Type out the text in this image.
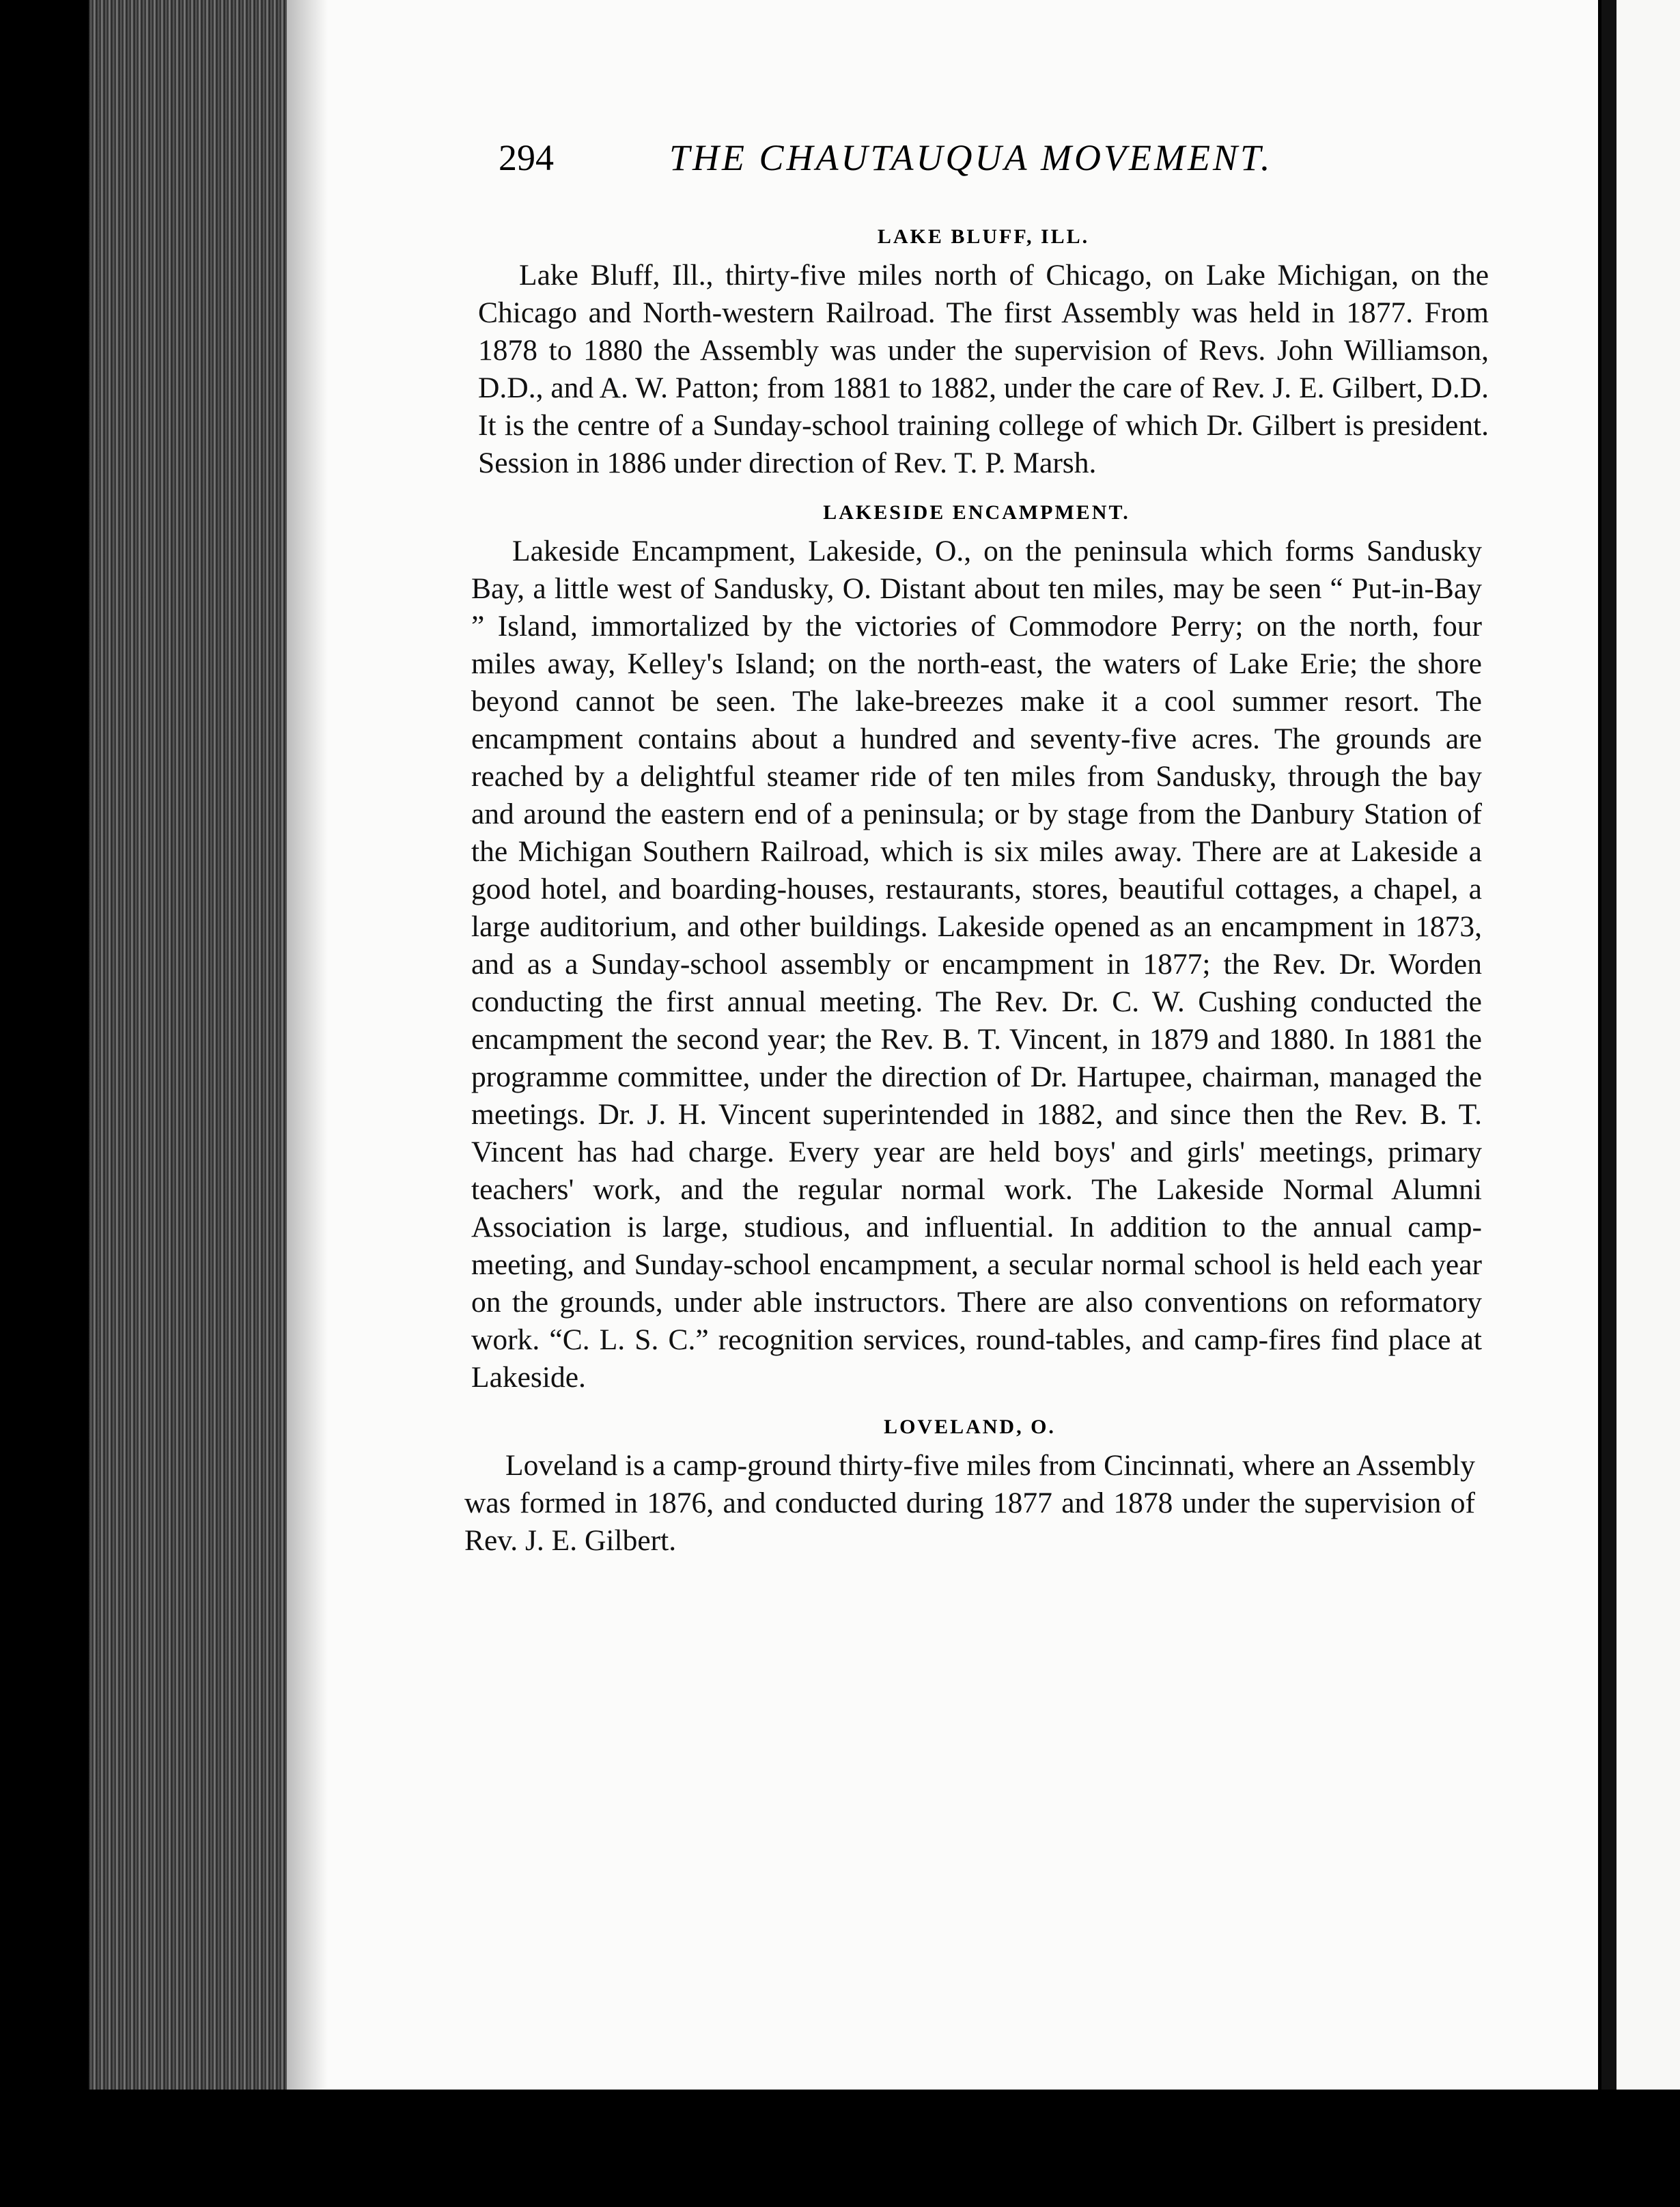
294	THE CHAUTAUQUA MOVEMENT.
LAKE BLUFF, ILL.

Lake Bluff, Ill., thirty-five miles north of Chicago, on Lake Michigan, on the Chicago and North-western Railroad. The first Assembly was held in 1877. From 1878 to 1880 the Assembly was under the supervision of Revs. John Williamson, D.D., and A. W. Patton; from 1881 to 1882, under the care of Rev. J. E. Gilbert, D.D. It is the centre of a Sunday-school training college of which Dr. Gilbert is president. Session in 1886 under direction of Rev. T. P. Marsh.

LAKESIDE ENCAMPMENT.

Lakeside Encampment, Lakeside, O., on the peninsula which forms Sandusky Bay, a little west of Sandusky, O. Distant about ten miles, may be seen “ Put-in-Bay ” Island, immortalized by the victories of Commodore Perry; on the north, four miles away, Kelley's Island; on the north-east, the waters of Lake Erie; the shore beyond cannot be seen. The lake-breezes make it a cool summer resort. The encampment contains about a hundred and seventy-five acres. The grounds are reached by a delightful steamer ride of ten miles from Sandusky, through the bay and around the eastern end of a peninsula; or by stage from the Danbury Station of the Michigan Southern Railroad, which is six miles away. There are at Lakeside a good hotel, and boarding-houses, restaurants, stores, beautiful cottages, a chapel, a large auditorium, and other buildings. Lakeside opened as an encampment in 1873, and as a Sunday-school assembly or encampment in 1877; the Rev. Dr. Worden conducting the first annual meeting. The Rev. Dr. C. W. Cushing conducted the encampment the second year; the Rev. B. T. Vincent, in 1879 and 1880. In 1881 the programme committee, under the direction of Dr. Hartupee, chairman, managed the meetings. Dr. J. H. Vincent superintended in 1882, and since then the Rev. B. T. Vincent has had charge. Every year are held boys' and girls' meetings, primary teachers' work, and the regular normal work. The Lakeside Normal Alumni Association is large, studious, and influential. In addition to the annual camp-meeting, and Sunday-school encampment, a secular normal school is held each year on the grounds, under able instructors. There are also conventions on reformatory work. “C. L. S. C.” recognition services, round-tables, and camp-fires find place at Lakeside.

LOVELAND, O.

Loveland is a camp-ground thirty-five miles from Cincinnati, where an Assembly was formed in 1876, and conducted during 1877 and 1878 under the supervision of Rev. J. E. Gilbert.
